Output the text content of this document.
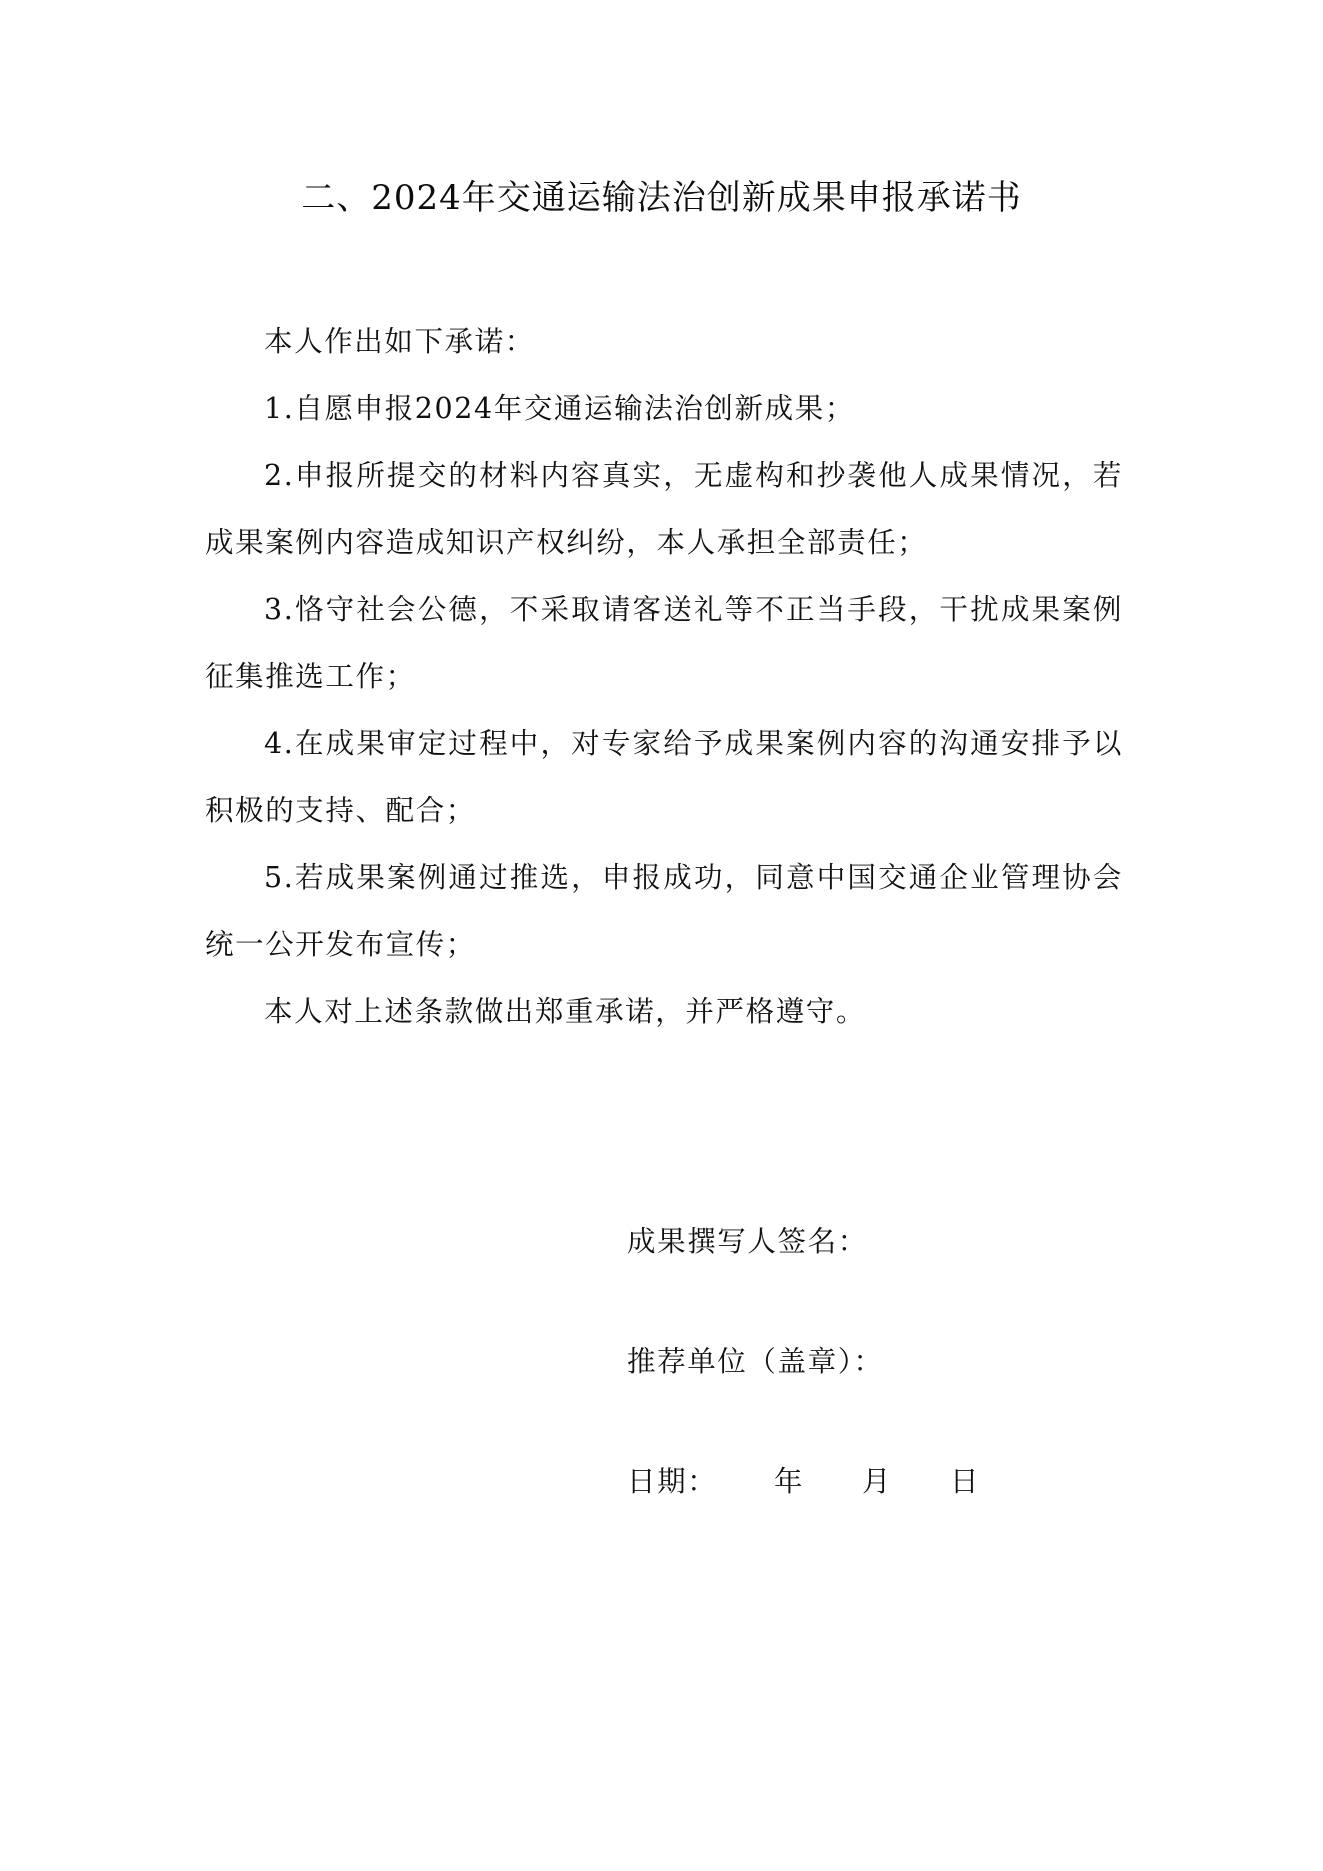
二、2024年交通运输法治创新成果申报承诺书

本人作出如下承诺：

1.自愿申报2024年交通运输法治创新成果；

2.申报所提交的材料内容真实，无虚构和抄袭他人成果情况，若成果案例内容造成知识产权纠纷，本人承担全部责任；

3.恪守社会公德，不采取请客送礼等不正当手段，干扰成果案例征集推选工作；

4.在成果审定过程中，对专家给予成果案例内容的沟通安排予以积极的支持、配合；

5.若成果案例通过推选，申报成功，同意中国交通企业管理协会统一公开发布宣传；

本人对上述条款做出郑重承诺，并严格遵守。

成果撰写人签名：
推荐单位（盖章）：
日期：	年	月	日
